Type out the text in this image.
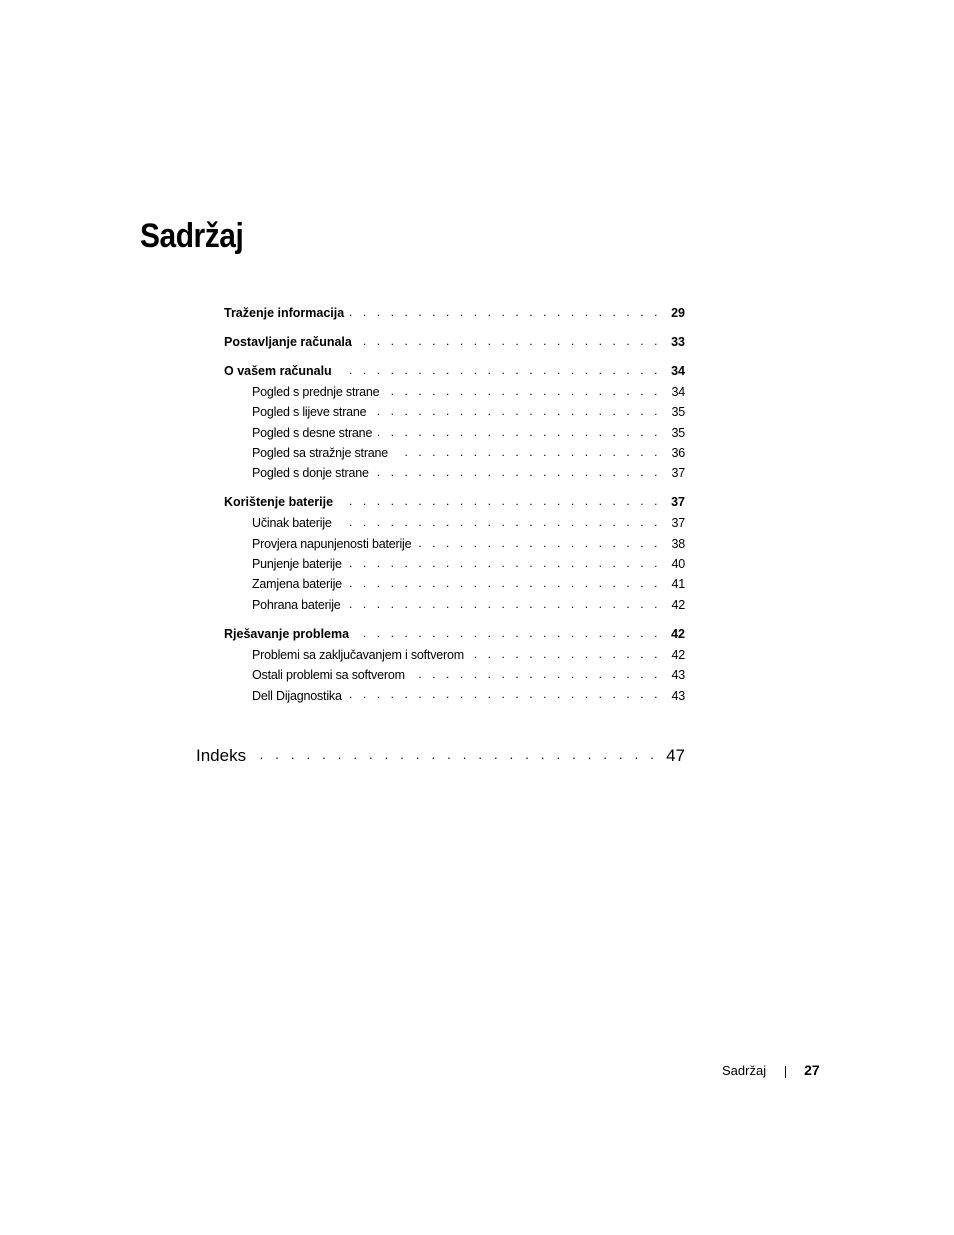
Sadržaj
Traženje informacija . . .	29
Postavljanje računala . . .	33
O vašem računalu . . .	34
Pogled s prednje strane . . .	34
Pogled s lijeve strane . . .	35
Pogled s desne strane . . .	35
Pogled sa stražnje strane . . .	36
Pogled s donje strane . . .	37
Korištenje baterije . . .	37
Učinak baterije . . .	37
Provjera napunjenosti baterije . . .	38
Punjenje baterije . . .	40
Zamjena baterije . . .	41
Pohrana baterije . . .	42
Rješavanje problema . . .	42
Problemi sa zaključavanjem i softverom . . .	42
Ostali problemi sa softverom . . .	43
Dell Dijagnostika . . .	43
Indeks . . .	47
Sadržaj	27
